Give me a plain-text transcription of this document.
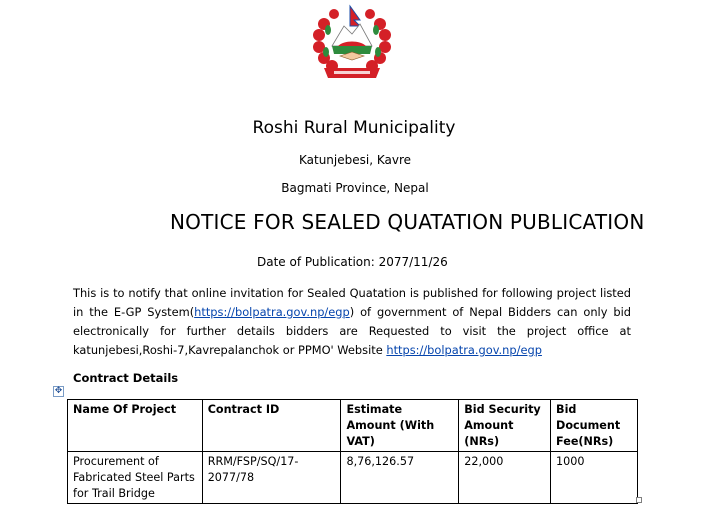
Roshi Rural Municipality
Katunjebesi, Kavre
Bagmati Province, Nepal
NOTICE FOR SEALED QUATATION PUBLICATION
Date of Publication: 2077/11/26
This is to notify that online invitation for Sealed Quatation is published for following project listed in the E-GP System(https://bolpatra.gov.np/egp) of government of Nepal Bidders can only bid electronically for further details bidders are Requested to visit the project office at katunjebesi,Roshi-7,Kavrepalanchok or PPMO' Website https://bolpatra.gov.np/egp
Contract Details
✥
Name Of Project	Contract ID	Estimate Amount (With VAT)	Bid Security Amount (NRs)	Bid Document Fee(NRs)
Procurement of Fabricated Steel Parts for Trail Bridge	RRM/FSP/SQ/17-2077/78	8,76,126.57	22,000	1000
